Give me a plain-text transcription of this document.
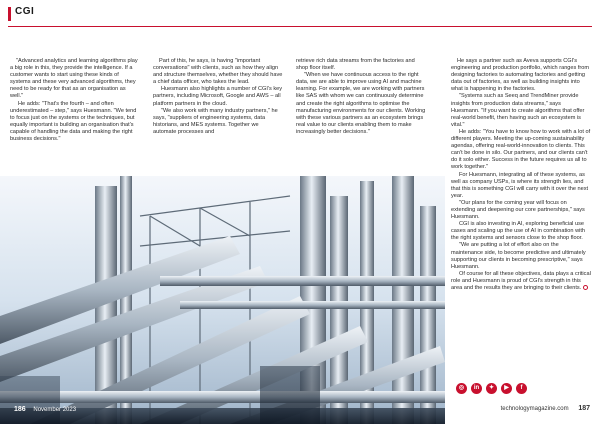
CGI

"Advanced analytics and learning algorithms play a big role in this, they provide the intelligence. If a customer wants to start using these kinds of systems and these very advanced algorithms, they need to be ready for that as an organisation as well."

He adds: "That's the fourth – and often underestimated – step," says Huesmann. "We tend to focus just on the systems or the techniques, but equally important is building an organisation that's capable of handling the data and making the right business decisions."

Part of this, he says, is having "important conversations" with clients, such as how they align and structure themselves, whether they should have a chief data officer, who takes the lead.

Huesmann also highlights a number of CGI's key partners, including Microsoft, Google and AWS – all platform partners in the cloud.

"We also work with many industry partners," he says, "suppliers of engineering systems, data historians, and MES systems. Together we automate processes and

retrieve rich data streams from the factories and shop floor itself.

"When we have continuous access to the right data, we are able to improve using AI and machine learning. For example, we are working with partners like SAS with whom we can continuously determine and create the right algorithms to optimise the manufacturing environments for our clients. Working with these various partners as an ecosystem brings real value to our clients enabling them to make increasingly better decisions."

He says a partner such as Aveva supports CGI's engineering and production portfolio, which ranges from designing factories to automating factories and getting data out of factories, as well as building insights into what is happening in the factories.

"Systems such as Seeq and TrendMiner provide insights from production data streams," says Huesmann. "If you want to create algorithms that offer real-world benefit, then having such an ecosystem is vital."

He adds: "You have to know how to work with a lot of different players. Meeting the up-coming sustainability agendas, offering real-world-innovation to clients. This can't be done in silo. Our partners, and our clients can't do it solo either. Success in the future requires us all to work together."

For Huesmann, integrating all of these systems, as well as company USPs, is where its strength lies, and that this is something CGI will carry with it over the next year.

"Our plans for the coming year will focus on extending and deepening our core partnerships," says Huesmann.

CGI is also investing in AI, exploring beneficial use cases and scaling up the use of AI in combination with the right systems and sensors close to the shop floor.

"We are putting a lot of effort also on the maintenance side, to become predictive and ultimately supporting our clients in becoming prescriptive," says Huesmann.

Of course for all these objectives, data plays a critical role and Huesmann is proud of CGI's strength in this area and the results they are bringing to their clients.

◎	in	✦	▶	f
186 November 2023	technologymagazine.com 187
